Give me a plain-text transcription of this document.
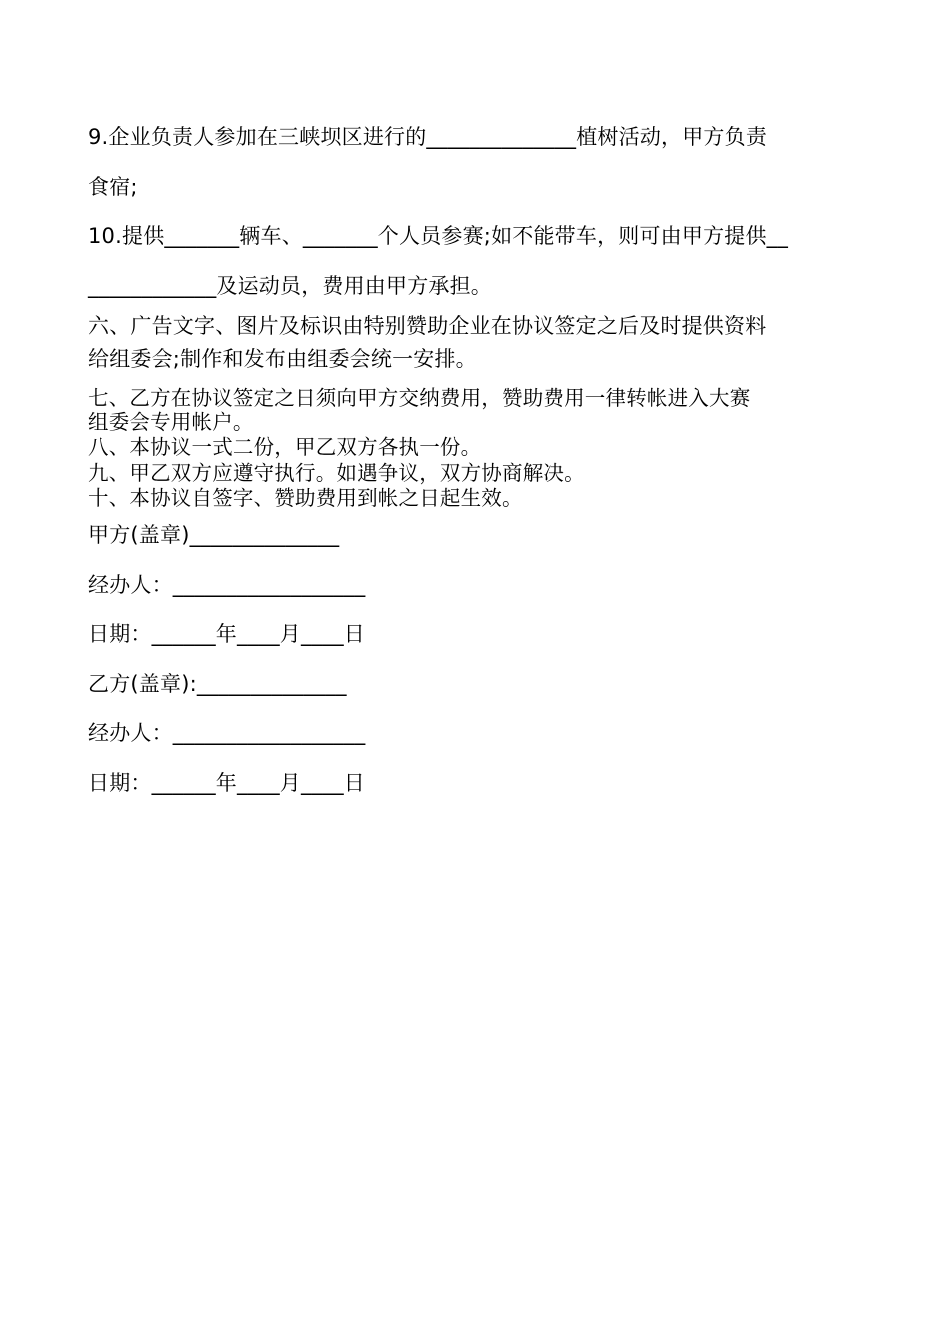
9.企业负责人参加在三峡坝区进行的______________植树活动，甲方负责
食宿;
10.提供_______辆车、_______个人员参赛;如不能带车，则可由甲方提供__
____________及运动员，费用由甲方承担。
六、广告文字、图片及标识由特别赞助企业在协议签定之后及时提供资料
给组委会;制作和发布由组委会统一安排。
七、乙方在协议签定之日须向甲方交纳费用，赞助费用一律转帐进入大赛
组委会专用帐户。
八、本协议一式二份，甲乙双方各执一份。
九、甲乙双方应遵守执行。如遇争议，双方协商解决。
十、本协议自签字、赞助费用到帐之日起生效。
甲方(盖章)______________
经办人：__________________
日期：______年____月____日
乙方(盖章):______________
经办人：__________________
日期：______年____月____日
